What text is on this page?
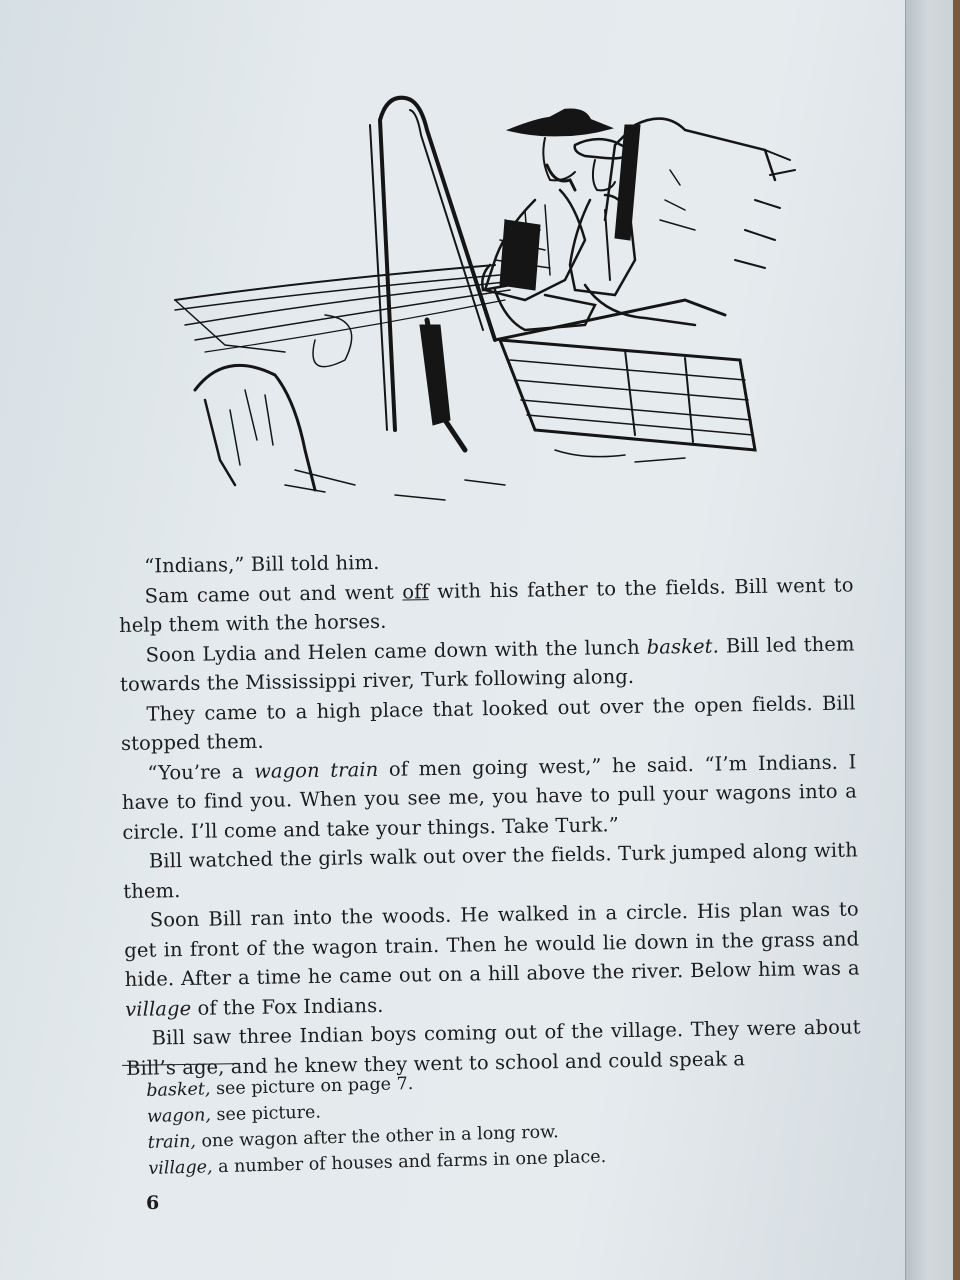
“Indians,” Bill told him.

Sam came out and went off with his father to the fields. Bill went to help them with the horses.

Soon Lydia and Helen came down with the lunch basket. Bill led them towards the Mississippi river, Turk following along.

They came to a high place that looked out over the open fields. Bill stopped them.

“You’re a wagon train of men going west,” he said. “I’m Indians. I have to find you. When you see me, you have to pull your wagons into a circle. I’ll come and take your things. Take Turk.”

Bill watched the girls walk out over the fields. Turk jumped along with them.

Soon Bill ran into the woods. He walked in a circle. His plan was to get in front of the wagon train. Then he would lie down in the grass and hide. After a time he came out on a hill above the river. Below him was a village of the Fox Indians.

Bill saw three Indian boys coming out of the village. They were about Bill’s age, and he knew they went to school and could speak a

basket, see picture on page 7.
wagon, see picture.
train, one wagon after the other in a long row.
village, a number of houses and farms in one place.
6
